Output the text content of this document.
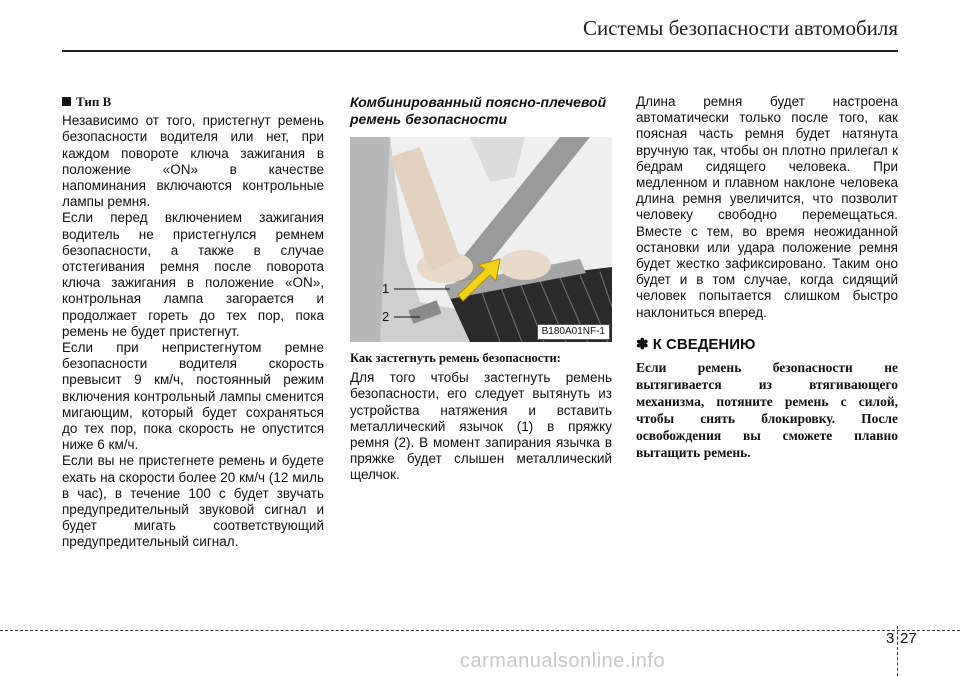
Системы безопасности автомобиля
Тип B

Независимо от того, пристегнут ремень безопасности водителя или нет, при каждом повороте ключа зажигания в положение «ON» в качестве напоминания включаются контрольные лампы ремня.

Если перед включением зажигания водитель не пристегнулся ремнем безопасности, а также в случае отстегивания ремня после поворота ключа зажигания в положение «ON», контрольная лампа загорается и продолжает гореть до тех пор, пока ремень не будет пристегнут.

Если при непристегнутом ремне безопасности водителя скорость превысит 9 км/ч, постоянный режим включения контрольный лампы сменится мигающим, который будет сохраняться до тех пор, пока скорость не опустится ниже 6 км/ч.

Если вы не пристегнете ремень и будете ехать на скорости более 20 км/ч (12 миль в час), в течение 100 с будет звучать предупредительный звуковой сигнал и будет мигать соответствующий предупредительный сигнал.

Комбинированный поясно-плечевой ремень безопасности
1
2
B180A01NF-1
Как застегнуть ремень безопасности:

Для того чтобы застегнуть ремень безопасности, его следует вытянуть из устройства натяжения и вставить металлический язычок (1) в пряжку ремня (2). В момент запирания язычка в пряжке будет слышен металлический щелчок.

Длина ремня будет настроена автоматически только после того, как поясная часть ремня будет натянута вручную так, чтобы он плотно прилегал к бедрам сидящего человека. При медленном и плавном наклоне человека длина ремня увеличится, что позволит человеку свободно перемещаться. Вместе с тем, во время неожиданной остановки или удара положение ремня будет жестко зафиксировано. Таким оно будет и в том случае, когда сидящий человек попытается слишком быстро наклониться вперед.

✽ К СВЕДЕНИЮ

Если ремень безопасности не вытягивается из втягивающего механизма, потяните ремень с силой, чтобы снять блокировку. После освобождения вы сможете плавно вытащить ремень.

3 27
carmanualsonline.info
